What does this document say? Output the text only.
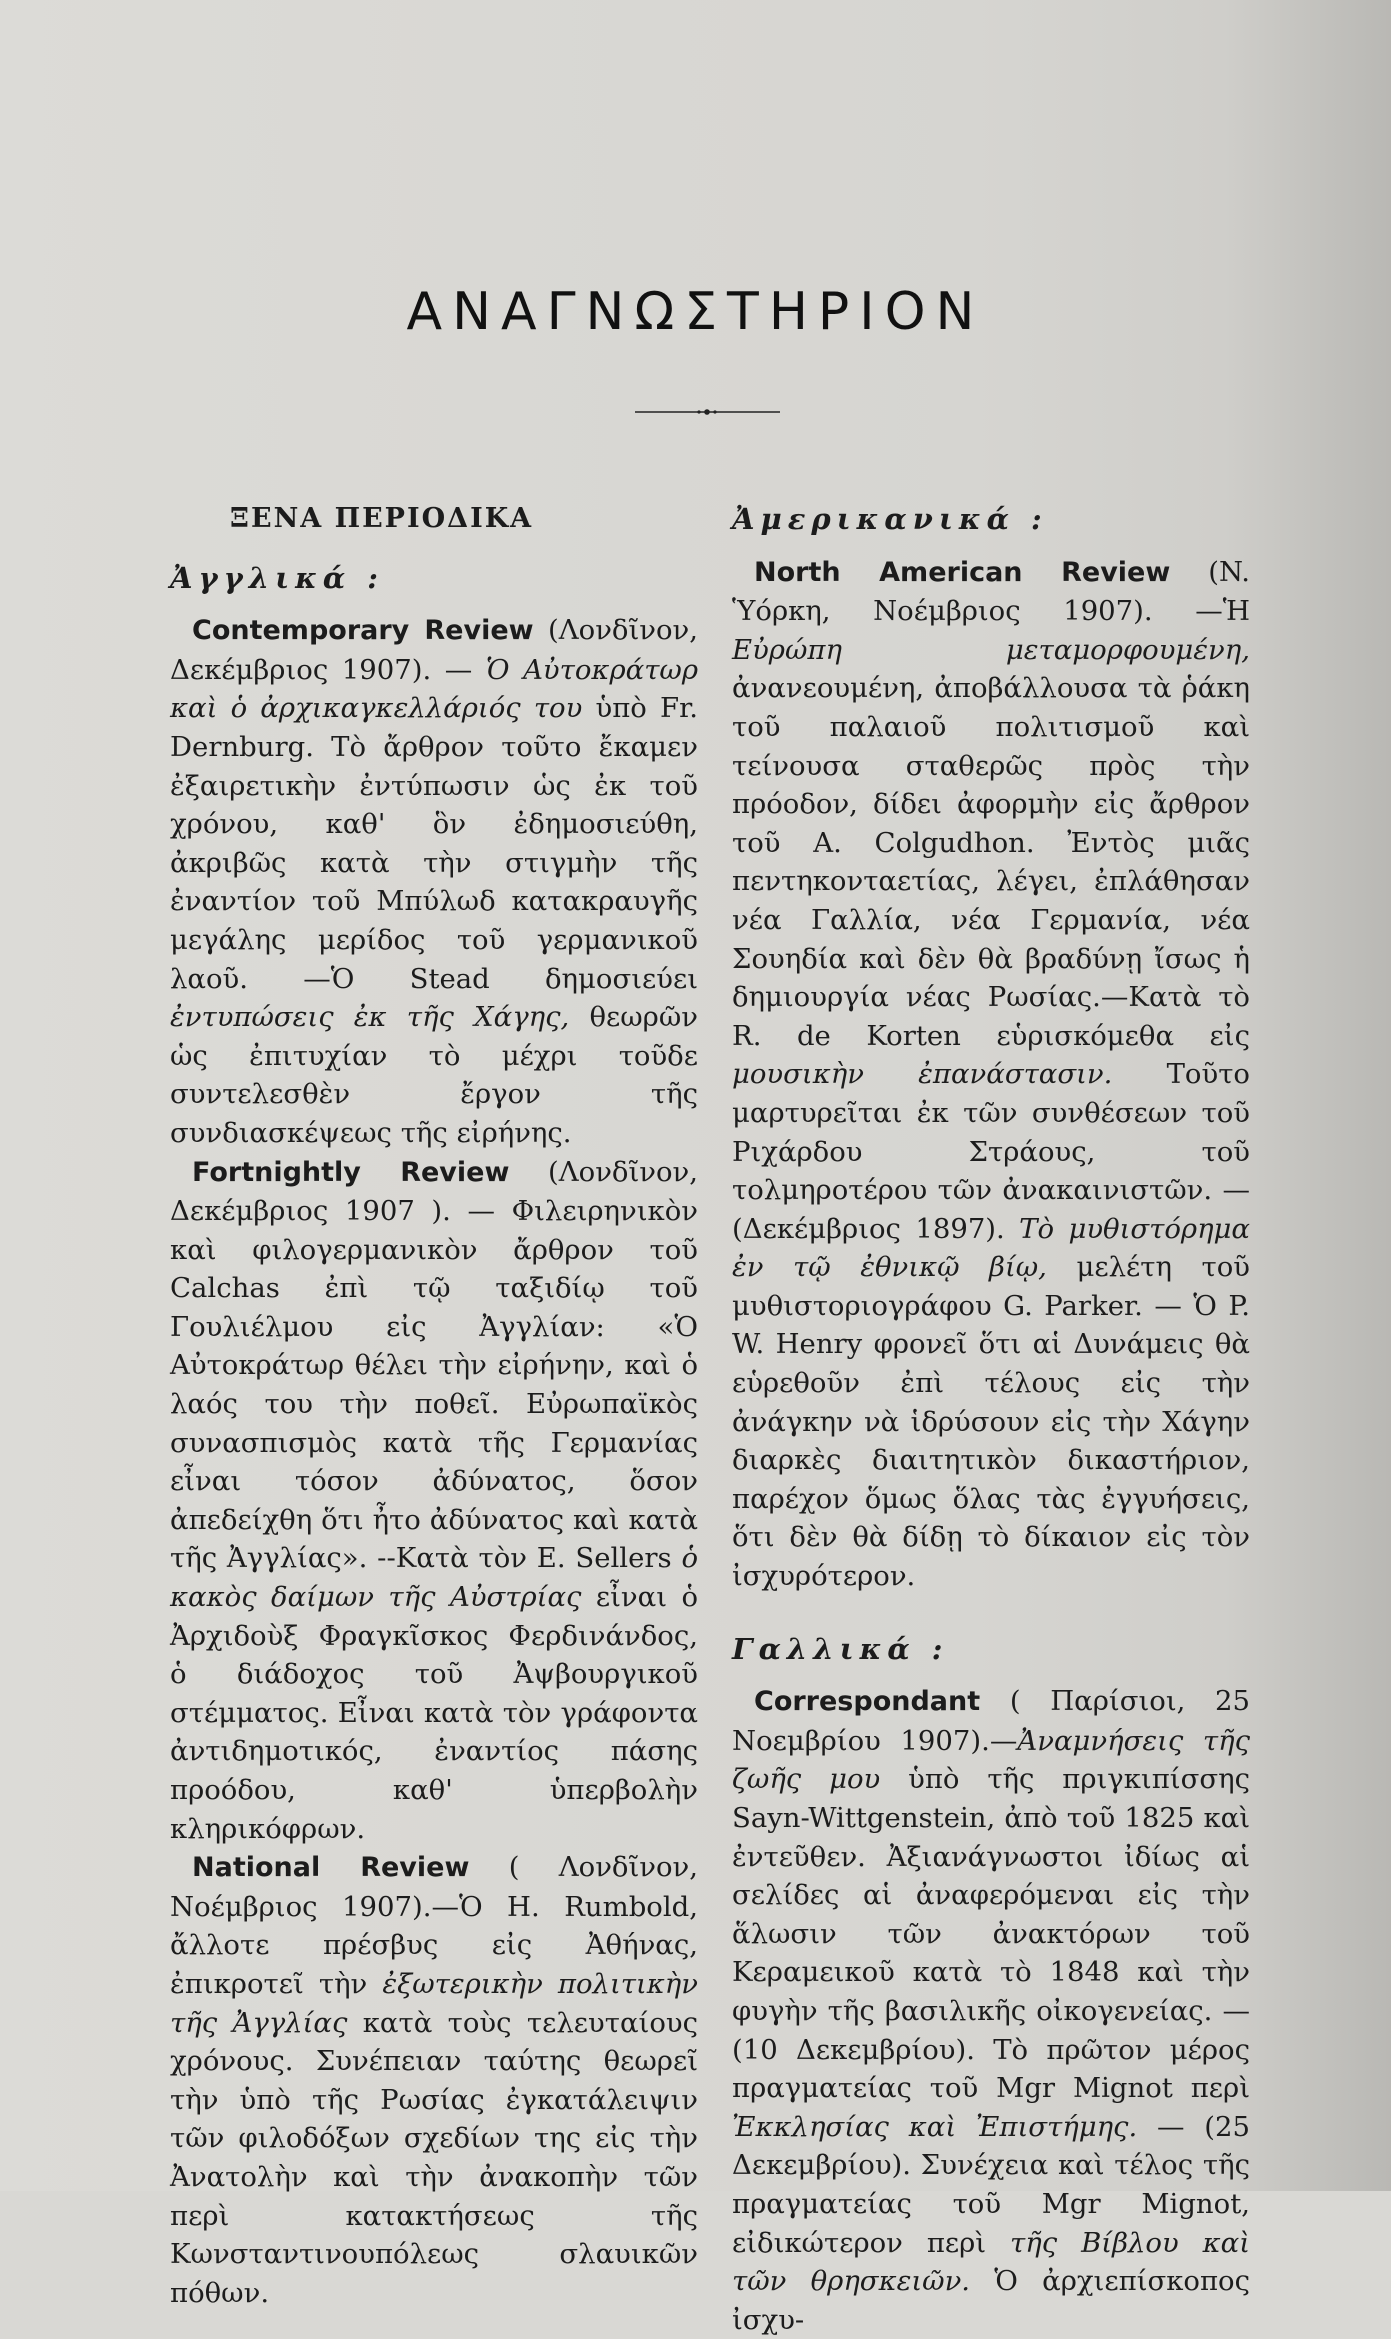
ΑΝΑΓΝΩΣΤΗΡΙΟΝ

ΞΕΝΑ ΠΕΡΙΟΔΙΚΑ

Ἀγγλικά :

Contemporary Review (Λονδῖνον, Δεκέμβριος 1907). — Ὁ Αὐτοκράτωρ καὶ ὁ ἀρχικαγκελλάριός του ὑπὸ Fr. Dernburg. Τὸ ἄρθρον τοῦτο ἔκαμεν ἐξαιρετικὴν ἐντύπωσιν ὡς ἐκ τοῦ χρόνου, καθ' ὃν ἐδημοσιεύθη, ἀκριβῶς κατὰ τὴν στιγμὴν τῆς ἐναντίον τοῦ Μπύλωδ κατακραυγῆς μεγάλης μερίδος τοῦ γερμανικοῦ λαοῦ. —Ὁ Stead δημοσιεύει ἐντυπώσεις ἐκ τῆς Χάγης, θεωρῶν ὡς ἐπιτυχίαν τὸ μέχρι τοῦδε συντελεσθὲν ἔργον τῆς συνδιασκέψεως τῆς εἰρήνης.

Fortnightly Review (Λονδῖνον, Δεκέμβριος 1907 ). — Φιλειρηνικὸν καὶ φιλογερμανικὸν ἄρθρον τοῦ Calchas ἐπὶ τῷ ταξιδίῳ τοῦ Γουλιέλμου εἰς Ἀγγλίαν: «Ὁ Αὐτοκράτωρ θέλει τὴν εἰρήνην, καὶ ὁ λαός του τὴν ποθεῖ. Εὐρωπαϊκὸς συνασπισμὸς κατὰ τῆς Γερμανίας εἶναι τόσον ἀδύνατος, ὅσον ἀπεδείχθη ὅτι ἦτο ἀδύνατος καὶ κατὰ τῆς Ἀγγλίας». --Κατὰ τὸν E. Sellers ὁ κακὸς δαίμων τῆς Αὐστρίας εἶναι ὁ Ἀρχιδοὺξ Φραγκῖσκος Φερδινάνδος, ὁ διάδοχος τοῦ Ἀψβουργικοῦ στέμματος. Εἶναι κατὰ τὸν γράφοντα ἀντιδημοτικός, ἐναντίος πάσης προόδου, καθ' ὑπερβολὴν κληρικόφρων.

National Review ( Λονδῖνον, Νοέμβριος 1907).—Ὁ H. Rumbold, ἄλλοτε πρέσβυς εἰς Ἀθήνας, ἐπικροτεῖ τὴν ἐξωτερικὴν πολιτικὴν τῆς Ἀγγλίας κατὰ τοὺς τελευταίους χρόνους. Συνέπειαν ταύτης θεωρεῖ τὴν ὑπὸ τῆς Ρωσίας ἐγκατάλειψιν τῶν φιλοδόξων σχεδίων της εἰς τὴν Ἀνατολὴν καὶ τὴν ἀνακοπὴν τῶν περὶ κατακτήσεως τῆς Κωνσταντινουπόλεως σλαυικῶν πόθων.

Ἀμερικανικά :

North American Review (N. Ὑόρκη, Νοέμβριος 1907). —Ἡ Εὐρώπη μεταμορφουμένη, ἀνανεουμένη, ἀποβάλλουσα τὰ ῥάκη τοῦ παλαιοῦ πολιτισμοῦ καὶ τείνουσα σταθερῶς πρὸς τὴν πρόοδον, δίδει ἀφορμὴν εἰς ἄρθρον τοῦ A. Colgudhon. Ἐντὸς μιᾶς πεντηκονταετίας, λέγει, ἐπλάθησαν νέα Γαλλία, νέα Γερμανία, νέα Σουηδία καὶ δὲν θὰ βραδύνῃ ἴσως ἡ δημιουργία νέας Ρωσίας.—Κατὰ τὸ R. de Korten εὑρισκόμεθα εἰς μουσικὴν ἐπανάστασιν. Τοῦτο μαρτυρεῖται ἐκ τῶν συνθέσεων τοῦ Ριχάρδου Στράους, τοῦ τολμηροτέρου τῶν ἀνακαινιστῶν. — (Δεκέμβριος 1897). Τὸ μυθιστόρημα ἐν τῷ ἐθνικῷ βίῳ, μελέτη τοῦ μυθιστοριογράφου G. Parker. — Ὁ P. W. Henry φρονεῖ ὅτι αἱ Δυνάμεις θὰ εὑρεθοῦν ἐπὶ τέλους εἰς τὴν ἀνάγκην νὰ ἱδρύσουν εἰς τὴν Χάγην διαρκὲς διαιτητικὸν δικαστήριον, παρέχον ὅμως ὅλας τὰς ἐγγυήσεις, ὅτι δὲν θὰ δίδῃ τὸ δίκαιον εἰς τὸν ἰσχυρότερον.

Γαλλικά :

Correspondant ( Παρίσιοι, 25 Νοεμβρίου 1907).—Ἀναμνήσεις τῆς ζωῆς μου ὑπὸ τῆς πριγκιπίσσης Sayn-Wittgenstein, ἀπὸ τοῦ 1825 καὶ ἐντεῦθεν. Ἀξιανάγνωστοι ἰδίως αἱ σελίδες αἱ ἀναφερόμεναι εἰς τὴν ἅλωσιν τῶν ἀνακτόρων τοῦ Κεραμεικοῦ κατὰ τὸ 1848 καὶ τὴν φυγὴν τῆς βασιλικῆς οἰκογενείας. — (10 Δεκεμβρίου). Τὸ πρῶτον μέρος πραγματείας τοῦ Mgr Mignot περὶ Ἐκκλησίας καὶ Ἐπιστήμης. — (25 Δεκεμβρίου). Συνέχεια καὶ τέλος τῆς πραγματείας τοῦ Mgr Mignot, εἰδικώτερον περὶ τῆς Βίβλου καὶ τῶν θρησκειῶν. Ὁ ἀρχιεπίσκοπος ἰσχυ-
